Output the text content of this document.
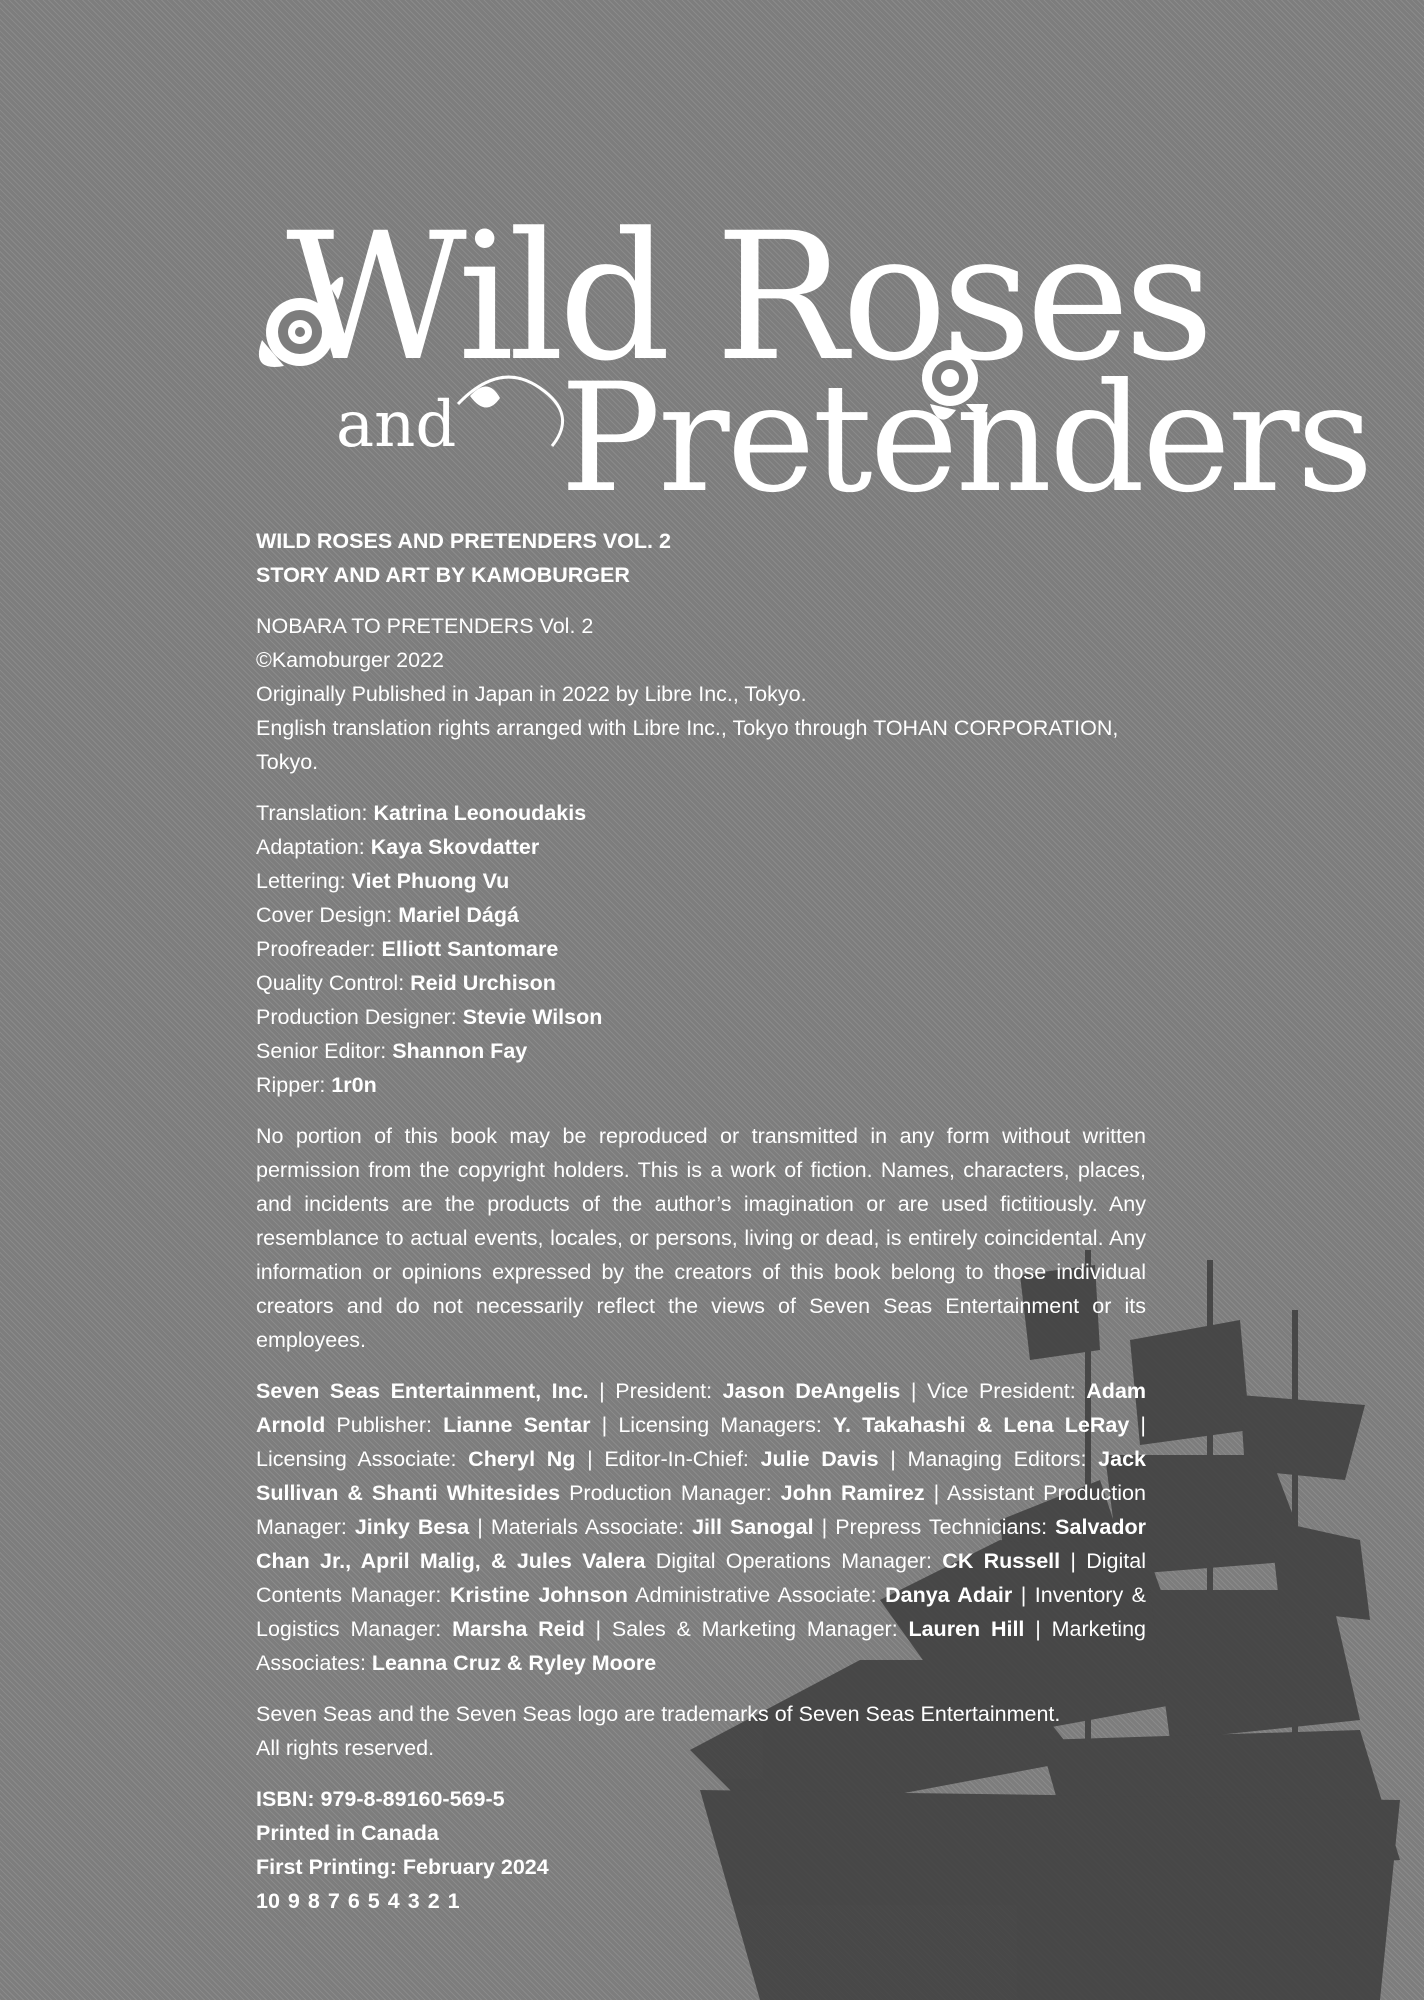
Wild Roses
and Pretenders

WILD ROSES AND PRETENDERS VOL. 2

STORY AND ART BY KAMOBURGER

NOBARA TO PRETENDERS Vol. 2

©Kamoburger 2022

Originally Published in Japan in 2022 by Libre Inc., Tokyo.

English translation rights arranged with Libre Inc., Tokyo through TOHAN CORPORATION, Tokyo.

Translation: Katrina Leonoudakis

Adaptation: Kaya Skovdatter

Lettering: Viet Phuong Vu

Cover Design: Mariel Dágá

Proofreader: Elliott Santomare

Quality Control: Reid Urchison

Production Designer: Stevie Wilson

Senior Editor: Shannon Fay

Ripper: 1r0n

No portion of this book may be reproduced or transmitted in any form without written permission from the copyright holders. This is a work of fiction. Names, characters, places, and incidents are the products of the author’s imagination or are used fictitiously. Any resemblance to actual events, locales, or persons, living or dead, is entirely coincidental. Any information or opinions expressed by the creators of this book belong to those individual creators and do not necessarily reflect the views of Seven Seas Entertainment or its employees.

Seven Seas Entertainment, Inc. | President: Jason DeAngelis | Vice President: Adam Arnold Publisher: Lianne Sentar | Licensing Managers: Y. Takahashi & Lena LeRay | Licensing Associate: Cheryl Ng | Editor-In-Chief: Julie Davis | Managing Editors: Jack Sullivan & Shanti Whitesides Production Manager: John Ramirez | Assistant Production Manager: Jinky Besa | Materials Associate: Jill Sanogal | Prepress Technicians: Salvador Chan Jr., April Malig, & Jules Valera Digital Operations Manager: CK Russell | Digital Contents Manager: Kristine Johnson Administrative Associate: Danya Adair | Inventory & Logistics Manager: Marsha Reid | Sales & Marketing Manager: Lauren Hill | Marketing Associates: Leanna Cruz & Ryley Moore

Seven Seas and the Seven Seas logo are trademarks of Seven Seas Entertainment.

All rights reserved.

ISBN: 979-8-89160-569-5

Printed in Canada

First Printing: February 2024

10 9 8 7 6 5 4 3 2 1
